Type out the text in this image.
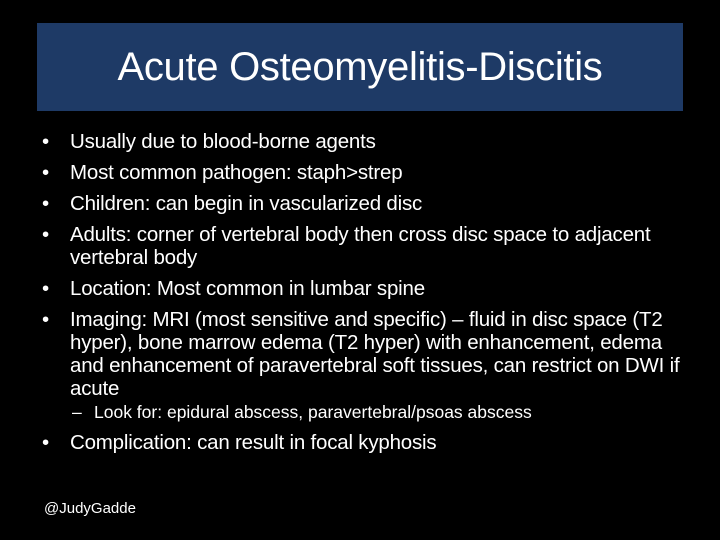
Acute Osteomyelitis-Discitis
• Usually due to blood-borne agents
• Most common pathogen: staph>strep
• Children: can begin in vascularized disc
• Adults: corner of vertebral body then cross disc space to adjacent vertebral body
• Location: Most common in lumbar spine
• Imaging: MRI (most sensitive and specific) – fluid in disc space (T2 hyper), bone marrow edema (T2 hyper) with enhancement, edema and enhancement of paravertebral soft tissues, can restrict on DWI if acute
– Look for: epidural abscess, paravertebral/psoas abscess
• Complication: can result in focal kyphosis
@JudyGadde
